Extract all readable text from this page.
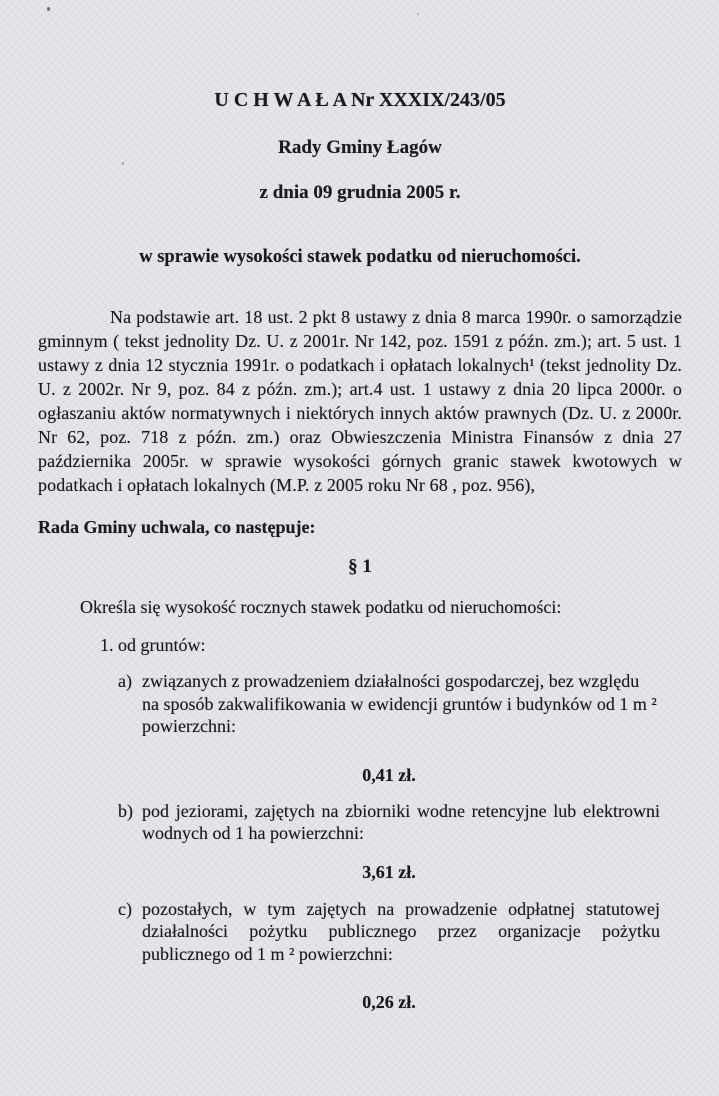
U C H W A Ł A Nr XXXIX/243/05
Rady Gminy Łagów
z dnia 09 grudnia 2005 r.
w sprawie wysokości stawek podatku od nieruchomości.

Na podstawie art. 18 ust. 2 pkt 8 ustawy z dnia 8 marca 1990r. o samorządzie gminnym ( tekst jednolity Dz. U. z 2001r. Nr 142, poz. 1591 z późn. zm.); art. 5 ust. 1 ustawy z dnia 12 stycznia 1991r. o podatkach i opłatach lokalnych¹ (tekst jednolity Dz. U. z 2002r. Nr 9, poz. 84 z późn. zm.); art.4 ust. 1 ustawy z dnia 20 lipca 2000r. o ogłaszaniu aktów normatywnych i niektórych innych aktów prawnych (Dz. U. z 2000r. Nr 62, poz. 718 z późn. zm.) oraz Obwieszczenia Ministra Finansów z dnia 27 października 2005r. w sprawie wysokości górnych granic stawek kwotowych w podatkach i opłatach lokalnych (M.P. z 2005 roku Nr 68 , poz. 956),

Rada Gminy uchwala, co następuje:
§ 1
Określa się wysokość rocznych stawek podatku od nieruchomości:
1. od gruntów:
a) związanych z prowadzeniem działalności gospodarczej, bez względu na sposób zakwalifikowania w ewidencji gruntów i budynków od 1 m ² powierzchni:
0,41 zł.
b) pod jeziorami, zajętych na zbiorniki wodne retencyjne lub elektrowni wodnych od 1 ha powierzchni:
3,61 zł.
c) pozostałych, w tym zajętych na prowadzenie odpłatnej statutowej działalności pożytku publicznego przez organizacje pożytku publicznego od 1 m ² powierzchni:
0,26 zł.
